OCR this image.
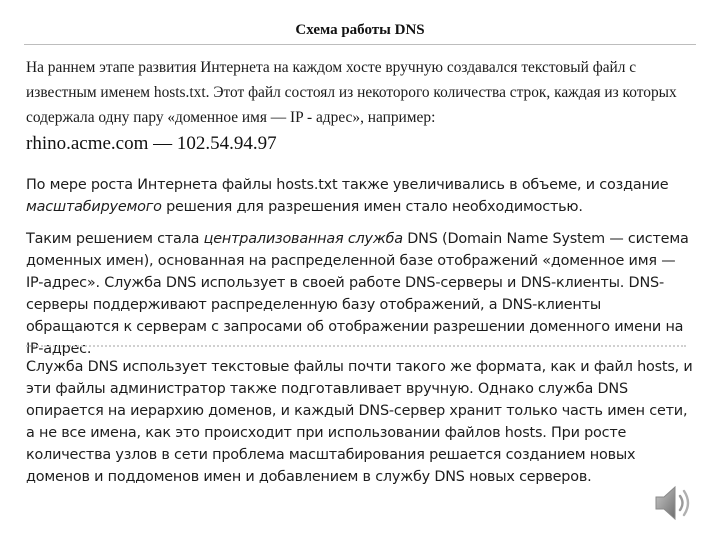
Схема работы DNS

На раннем этапе развития Интернета на каждом хосте вручную создавался текстовый файл с известным именем hosts.txt. Этот файл состоял из некоторого количества строк, каждая из которых содержала одну пару «доменное имя — IP - адрес», например:

rhino.acme.com — 102.54.94.97

По мере роста Интернета файлы hosts.txt также увеличивались в объеме, и создание масштабируемого решения для разрешения имен стало необходимостью.

Таким решением стала централизованная служба DNS (Domain Name System — система доменных имен), основанная на распределенной базе отображений «доменное имя — IP-адрес». Служба DNS использует в своей работе DNS-серверы и DNS-клиенты. DNS-серверы поддерживают распределенную базу отображений, а DNS-клиенты обращаются к серверам с запросами об отображении разрешении доменного имени на IP-адрес.

Служба DNS использует текстовые файлы почти такого же формата, как и файл hosts, и эти файлы администратор также подготавливает вручную. Однако служба DNS опирается на иерархию доменов, и каждый DNS-сервер хранит только часть имен сети, а не все имена, как это происходит при использовании файлов hosts. При росте количества узлов в сети проблема масштабирования решается созданием новых доменов и поддоменов имен и добавлением в службу DNS новых серверов.
